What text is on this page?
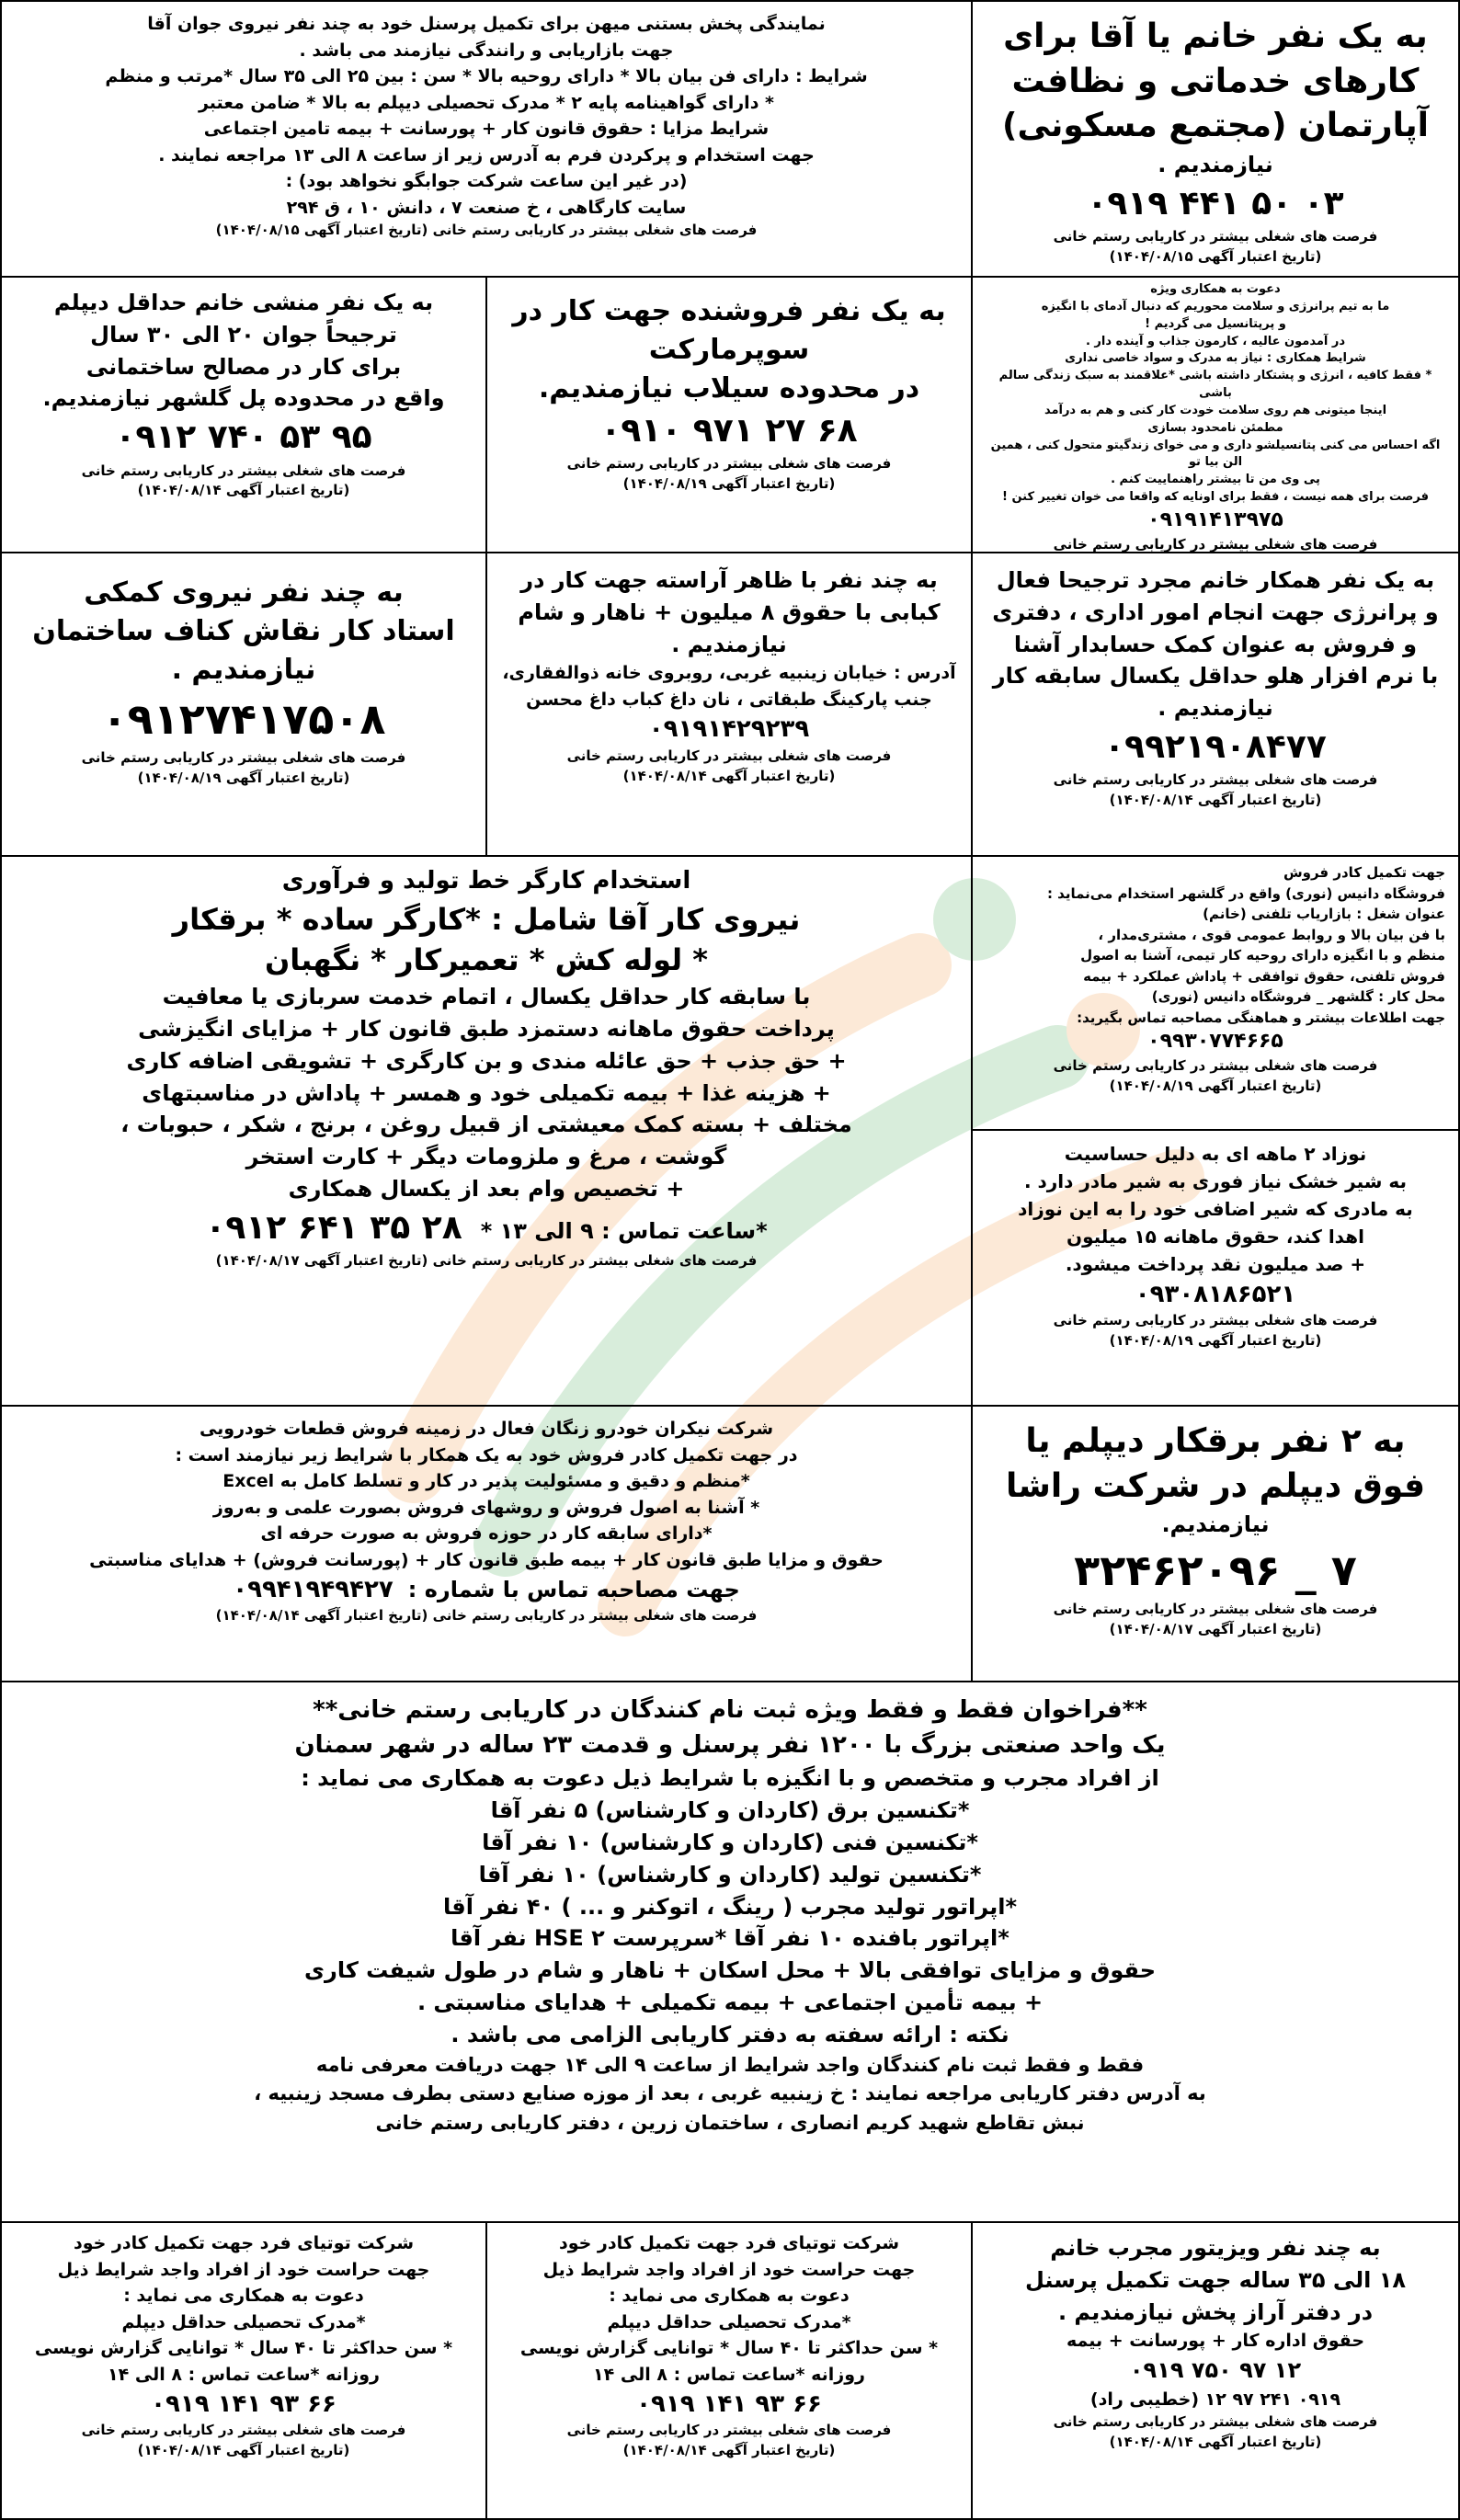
به یک نفر خانم یا آقا برای کارهای خدماتی و نظافت آپارتمان (مجتمع مسکونی)
نیازمندیم .
۰۹۱۹ ۴۴۱ ۵۰ ۰۳
فرصت های شغلی بیشتر در کاریابی رستم خانی
(تاریخ اعتبار آگهی ۱۴۰۴/۰۸/۱۵)
نمایندگی پخش بستنی میهن برای تکمیل پرسنل خود به چند نفر نیروی جوان آقا
جهت بازاریابی و رانندگی نیازمند می باشد .
شرایط : دارای فن بیان بالا * دارای روحیه بالا * سن : بین ۲۵ الی ۳۵ سال *مرتب و منظم
* دارای گواهینامه پایه ۲ * مدرک تحصیلی دیپلم به بالا * ضامن معتبر
شرایط مزایا : حقوق قانون کار + پورسانت + بیمه تامین اجتماعی
جهت استخدام و پرکردن فرم به آدرس زیر از ساعت ۸ الی ۱۳ مراجعه نمایند .
(در غیر این ساعت شرکت جوابگو نخواهد بود) :
سایت کارگاهی ، خ صنعت ۷ ، دانش ۱۰ ، ق ۲۹۴
فرصت های شغلی بیشتر در کاریابی رستم خانی (تاریخ اعتبار آگهی ۱۴۰۴/۰۸/۱۵)
دعوت به همکاری ویژه
ما به تیم پرانرژی و سلامت محوریم که دنبال آدمای با انگیزه
و پرپتانسیل می گردیم !
در آمدمون عالیه ، کارمون جذاب و آینده دار .
شرایط همکاری : نیاز به مدرک و سواد خاصی نداری
* فقط کافیه ، انرژی و پشتکار داشته باشی *علاقمند به سبک زندگی سالم باشی
اینجا میتونی هم روی سلامت خودت کار کنی و هم به درآمد
مطمئن نامحدود بسازی
اگه احساس می کنی پتانسیلشو داری و می خوای زندگیتو متحول کنی ، همین الن بیا تو
پی وی من تا بیشتر راهنماییت کنم .
فرصت برای همه نیست ، فقط برای اونایه که واقعا می خوان تغییر کنن !
۰۹۱۹۱۴۱۳۹۷۵
فرصت های شغلی بیشتر در کاریابی رستم خانی
به یک نفر فروشنده جهت کار در سوپرمارکت
در محدوده سیلاب نیازمندیم.
۰۹۱۰ ۹۷۱ ۲۷ ۶۸
فرصت های شغلی بیشتر در کاریابی رستم خانی
(تاریخ اعتبار آگهی ۱۴۰۴/۰۸/۱۹)
به یک نفر منشی خانم حداقل دیپلم
ترجیحاً جوان ۲۰ الی ۳۰ سال
برای کار در مصالح ساختمانی
واقع در محدوده پل گلشهر نیازمندیم.
۰۹۱۲ ۷۴۰ ۵۳ ۹۵
فرصت های شغلی بیشتر در کاریابی رستم خانی
(تاریخ اعتبار آگهی ۱۴۰۴/۰۸/۱۴)
به یک نفر همکار خانم مجرد ترجیحا فعال
و پرانرژی جهت انجام امور اداری ، دفتری
و فروش به عنوان کمک حسابدار آشنا
با نرم افزار هلو حداقل یکسال سابقه کار
نیازمندیم .
۰۹۹۲۱۹۰۸۴۷۷
فرصت های شغلی بیشتر در کاریابی رستم خانی
(تاریخ اعتبار آگهی ۱۴۰۴/۰۸/۱۴)
به چند نفر با ظاهر آراسته جهت کار در
کبابی با حقوق ۸ میلیون + ناهار و شام
نیازمندیم .
آدرس : خیابان زینبیه غربی، روبروی خانه ذوالفقاری،
جنب پارکینگ طبقاتی ، نان داغ کباب داغ محسن
۰۹۱۹۱۴۲۹۲۳۹
فرصت های شغلی بیشتر در کاریابی رستم خانی
(تاریخ اعتبار آگهی ۱۴۰۴/۰۸/۱۴)
به چند نفر نیروی کمکی
استاد کار نقاش کناف ساختمان
نیازمندیم .
۰۹۱۲۷۴۱۷۵۰۸
فرصت های شغلی بیشتر در کاریابی رستم خانی
(تاریخ اعتبار آگهی ۱۴۰۴/۰۸/۱۹)
جهت تکمیل کادر فروش
فروشگاه دانیس (نوری) واقع در گلشهر استخدام می‌نماید :
عنوان شغل : بازاریاب تلفنی (خانم)
با فن بیان بالا و روابط عمومی قوی ، مشتری‌مدار ،
منظم و با انگیزه دارای روحیه کار تیمی، آشنا به اصول
فروش تلفنی، حقوق توافقی + پاداش عملکرد + بیمه
محل کار : گلشهر _ فروشگاه دانیس (نوری)
جهت اطلاعات بیشتر و هماهنگی مصاحبه تماس بگیرید:
۰۹۹۳۰۷۷۴۶۶۵
فرصت های شغلی بیشتر در کاریابی رستم خانی
(تاریخ اعتبار آگهی ۱۴۰۴/۰۸/۱۹)
استخدام کارگر خط تولید و فرآوری
نیروی کار آقا شامل : *کارگر ساده * برقکار
* لوله کش * تعمیرکار * نگهبان
با سابقه کار حداقل یکسال ، اتمام خدمت سربازی یا معافیت
پرداخت حقوق ماهانه دستمزد طبق قانون کار + مزایای انگیزشی
+ حق جذب + حق عائله مندی و بن کارگری + تشویقی اضافه کاری
+ هزینه غذا + بیمه تکمیلی خود و همسر + پاداش در مناسبتهای
مختلف + بسته کمک معیشتی از قبیل روغن ، برنج ، شکر ، حبوبات ،
گوشت ، مرغ و ملزومات دیگر + کارت استخر
+ تخصیص وام بعد از یکسال همکاری
*ساعت تماس : ۹ الی ۱۳ *
۰۹۱۲ ۶۴۱ ۳۵ ۲۸
فرصت های شغلی بیشتر در کاریابی رستم خانی (تاریخ اعتبار آگهی ۱۴۰۴/۰۸/۱۷)
نوزاد ۲ ماهه ای به دلیل حساسیت
به شیر خشک نیاز فوری به شیر مادر دارد .
به مادری که شیر اضافی خود را به این نوزاد
اهدا کند، حقوق ماهانه ۱۵ میلیون
+ صد میلیون نقد پرداخت میشود.
۰۹۳۰۸۱۸۶۵۲۱
فرصت های شغلی بیشتر در کاریابی رستم خانی
(تاریخ اعتبار آگهی ۱۴۰۴/۰۸/۱۹)
به ۲ نفر برقکار دیپلم یا
فوق دیپلم در شرکت راشا
نیازمندیم.
۳۲۴۶۲۰۹۶ _ ۷
فرصت های شغلی بیشتر در کاریابی رستم خانی
(تاریخ اعتبار آگهی ۱۴۰۴/۰۸/۱۷)
شرکت نیکران خودرو زنگان فعال در زمینه فروش قطعات خودرویی
در جهت تکمیل کادر فروش خود به یک همکار با شرایط زیر نیازمند است :
*منظم و دقیق و مسئولیت پذیر در کار و تسلط کامل به Excel
* آشنا به اصول فروش و روشهای فروش بصورت علمی و به‌روز
*دارای سابقه کار در حوزه فروش به صورت حرفه ای
حقوق و مزایا طبق قانون کار + بیمه طبق قانون کار + (پورسانت فروش) + هدایای مناسبتی
جهت مصاحبه تماس با شماره :
۰۹۹۴۱۹۴۹۴۲۷
فرصت های شغلی بیشتر در کاریابی رستم خانی (تاریخ اعتبار آگهی ۱۴۰۴/۰۸/۱۴)
**فراخوان فقط و فقط ویژه ثبت نام کنندگان در کاریابی رستم خانی**
یک واحد صنعتی بزرگ با ۱۲۰۰ نفر پرسنل و قدمت ۲۳ ساله در شهر سمنان
از افراد مجرب و متخصص و با انگیزه با شرایط ذیل دعوت به همکاری می نماید :
*تکنسین برق (کاردان و کارشناس) ۵ نفر آقا
*تکنسین فنی (کاردان و کارشناس) ۱۰ نفر آقا
*تکنسین تولید (کاردان و کارشناس) ۱۰ نفر آقا
*اپراتور تولید مجرب ( رینگ ، اتوکنر و ... ) ۴۰ نفر آقا
*اپراتور بافنده ۱۰ نفر آقا *سرپرست HSE ۲ نفر آقا
حقوق و مزایای توافقی بالا + محل اسکان + ناهار و شام در طول شیفت کاری
+ بیمه تأمین اجتماعی + بیمه تکمیلی + هدایای مناسبتی .
نکته : ارائه سفته به دفتر کاریابی الزامی می باشد .
فقط و فقط ثبت نام کنندگان واجد شرایط از ساعت ۹ الی ۱۴ جهت دریافت معرفی نامه
به آدرس دفتر کاریابی مراجعه نمایند : خ زینبیه غربی ، بعد از موزه صنایع دستی بطرف مسجد زینبیه ،
نبش تقاطع شهید کریم انصاری ، ساختمان زرین ، دفتر کاریابی رستم خانی
به چند نفر ویزیتور مجرب خانم
۱۸ الی ۳۵ ساله جهت تکمیل پرسنل
در دفتر آراز پخش نیازمندیم .
حقوق اداره کار + پورسانت + بیمه
۰۹۱۹ ۷۵۰ ۹۷ ۱۲
۰۹۱۹ ۲۴۱ ۹۷ ۱۲ (خطیبی راد)
فرصت های شغلی بیشتر در کاریابی رستم خانی
(تاریخ اعتبار آگهی ۱۴۰۴/۰۸/۱۴)
شرکت توتیای فرد جهت تکمیل کادر خود
جهت حراست خود از افراد واجد شرایط ذیل
دعوت به همکاری می نماید :
*مدرک تحصیلی حداقل دیپلم
* سن حداکثر تا ۴۰ سال * توانایی گزارش نویسی
روزانه *ساعت تماس : ۸ الی ۱۴
۰۹۱۹ ۱۴۱ ۹۳ ۶۶
فرصت های شغلی بیشتر در کاریابی رستم خانی
(تاریخ اعتبار آگهی ۱۴۰۴/۰۸/۱۴)
شرکت توتیای فرد جهت تکمیل کادر خود
جهت حراست خود از افراد واجد شرایط ذیل
دعوت به همکاری می نماید :
*مدرک تحصیلی حداقل دیپلم
* سن حداکثر تا ۴۰ سال * توانایی گزارش نویسی
روزانه *ساعت تماس : ۸ الی ۱۴
۰۹۱۹ ۱۴۱ ۹۳ ۶۶
فرصت های شغلی بیشتر در کاریابی رستم خانی
(تاریخ اعتبار آگهی ۱۴۰۴/۰۸/۱۴)
